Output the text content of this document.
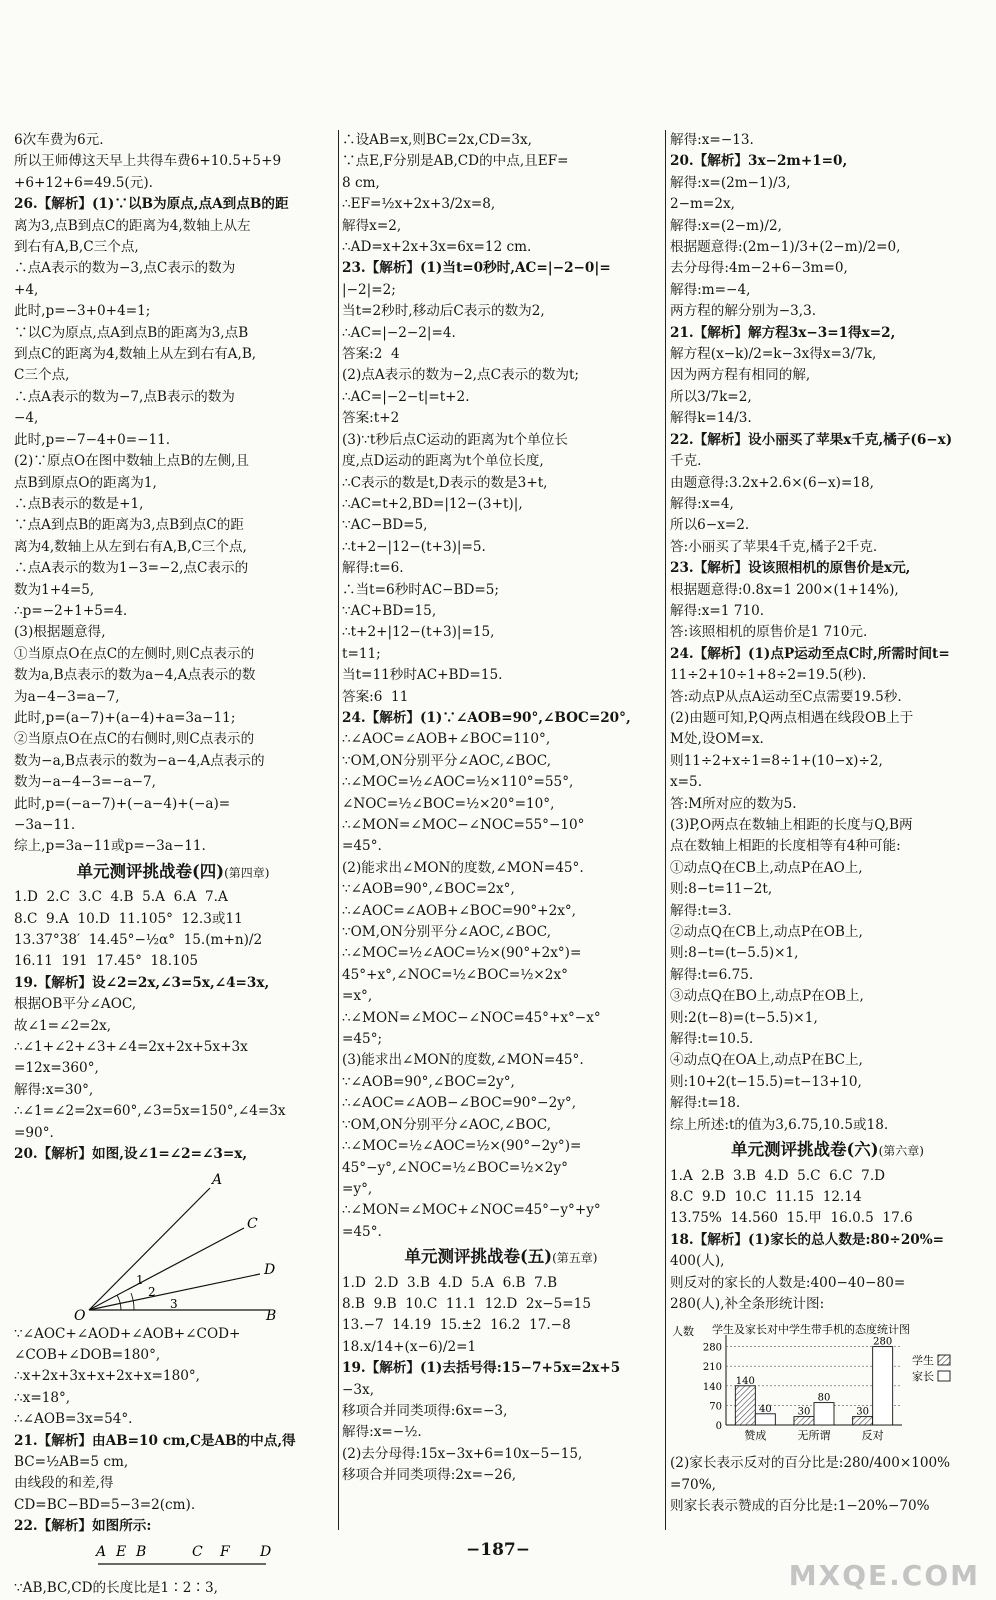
6次车费为6元.
所以王师傅这天早上共得车费6+10.5+5+9
+6+12+6=49.5(元).
26.【解析】(1)∵以B为原点,点A到点B的距
离为3,点B到点C的距离为4,数轴上从左
到右有A,B,C三个点,
∴点A表示的数为−3,点C表示的数为
+4,
此时,p=−3+0+4=1;
∵以C为原点,点A到点B的距离为3,点B
到点C的距离为4,数轴上从左到右有A,B,
C三个点,
∴点A表示的数为−7,点B表示的数为
−4,
此时,p=−7−4+0=−11.
(2)∵原点O在图中数轴上点B的左侧,且
点B到原点O的距离为1,
∴点B表示的数是+1,
∵点A到点B的距离为3,点B到点C的距
离为4,数轴上从左到右有A,B,C三个点,
∴点A表示的数为1−3=−2,点C表示的
数为1+4=5,
∴p=−2+1+5=4.
(3)根据题意得,
①当原点O在点C的左侧时,则C点表示的
数为a,B点表示的数为a−4,A点表示的数
为a−4−3=a−7,
此时,p=(a−7)+(a−4)+a=3a−11;
②当原点O在点C的右侧时,则C点表示的
数为−a,B点表示的数为−a−4,A点表示的
数为−a−4−3=−a−7,
此时,p=(−a−7)+(−a−4)+(−a)=
−3a−11.
综上,p=3a−11或p=−3a−11.
单元测评挑战卷(四)(第四章)
1.D  2.C  3.C  4.B  5.A  6.A  7.A
8.C  9.A  10.D  11.105°  12.3或11
13.37°38′  14.45°−½α°  15.(m+n)/2
16.11  191  17.45°  18.105
19.【解析】设∠2=2x,∠3=5x,∠4=3x,
根据OB平分∠AOC,
故∠1=∠2=2x,
∴∠1+∠2+∠3+∠4=2x+2x+5x+3x
=12x=360°,
解得:x=30°,
∴∠1=∠2=2x=60°,∠3=5x=150°,∠4=3x
=90°.
20.【解析】如图,设∠1=∠2=∠3=x,
A
C
D
B
O
1
2
3
∵∠AOC+∠AOD+∠AOB+∠COD+
∠COB+∠DOB=180°,
∴x+2x+3x+x+2x+x=180°,
∴x=18°,
∴∠AOB=3x=54°.
21.【解析】由AB=10 cm,C是AB的中点,得
BC=½AB=5 cm,
由线段的和差,得
CD=BC−BD=5−3=2(cm).
22.【解析】如图所示:
A E B	C F D
∵AB,BC,CD的长度比是1∶2∶3,
∴设AB=x,则BC=2x,CD=3x,
∵点E,F分别是AB,CD的中点,且EF=
8 cm,
∴EF=½x+2x+3/2x=8,
解得x=2,
∴AD=x+2x+3x=6x=12 cm.
23.【解析】(1)当t=0秒时,AC=|−2−0|=
|−2|=2;
当t=2秒时,移动后C表示的数为2,
∴AC=|−2−2|=4.
答案:2  4
(2)点A表示的数为−2,点C表示的数为t;
∴AC=|−2−t|=t+2.
答案:t+2
(3)∵t秒后点C运动的距离为t个单位长
度,点D运动的距离为t个单位长度,
∴C表示的数是t,D表示的数是3+t,
∴AC=t+2,BD=|12−(3+t)|,
∵AC−BD=5,
∴t+2−|12−(t+3)|=5.
解得:t=6.
∴当t=6秒时AC−BD=5;
∵AC+BD=15,
∴t+2+|12−(t+3)|=15,
t=11;
当t=11秒时AC+BD=15.
答案:6  11
24.【解析】(1)∵∠AOB=90°,∠BOC=20°,
∴∠AOC=∠AOB+∠BOC=110°,
∵OM,ON分别平分∠AOC,∠BOC,
∴∠MOC=½∠AOC=½×110°=55°,
∠NOC=½∠BOC=½×20°=10°,
∴∠MON=∠MOC−∠NOC=55°−10°
=45°.
(2)能求出∠MON的度数,∠MON=45°.
∵∠AOB=90°,∠BOC=2x°,
∴∠AOC=∠AOB+∠BOC=90°+2x°,
∵OM,ON分别平分∠AOC,∠BOC,
∴∠MOC=½∠AOC=½×(90°+2x°)=
45°+x°,∠NOC=½∠BOC=½×2x°
=x°,
∴∠MON=∠MOC−∠NOC=45°+x°−x°
=45°;
(3)能求出∠MON的度数,∠MON=45°.
∵∠AOB=90°,∠BOC=2y°,
∴∠AOC=∠AOB−∠BOC=90°−2y°,
∵OM,ON分别平分∠AOC,∠BOC,
∴∠MOC=½∠AOC=½×(90°−2y°)=
45°−y°,∠NOC=½∠BOC=½×2y°
=y°,
∴∠MON=∠MOC+∠NOC=45°−y°+y°
=45°.
单元测评挑战卷(五)(第五章)
1.D  2.D  3.B  4.D  5.A  6.B  7.B
8.B  9.B  10.C  11.1  12.D  2x−5=15
13.−7  14.19  15.±2  16.2  17.−8
18.x/14+(x−6)/2=1
19.【解析】(1)去括号得:15−7+5x=2x+5
−3x,
移项合并同类项得:6x=−3,
解得:x=−½.
(2)去分母得:15x−3x+6=10x−5−15,
移项合并同类项得:2x=−26,
解得:x=−13.
20.【解析】3x−2m+1=0,
解得:x=(2m−1)/3,
2−m=2x,
解得:x=(2−m)/2,
根据题意得:(2m−1)/3+(2−m)/2=0,
去分母得:4m−2+6−3m=0,
解得:m=−4,
两方程的解分别为−3,3.
21.【解析】解方程3x−3=1得x=2,
解方程(x−k)/2=k−3x得x=3/7k,
因为两方程有相同的解,
所以3/7k=2,
解得k=14/3.
22.【解析】设小丽买了苹果x千克,橘子(6−x)
千克.
由题意得:3.2x+2.6×(6−x)=18,
解得:x=4,
所以6−x=2.
答:小丽买了苹果4千克,橘子2千克.
23.【解析】设该照相机的原售价是x元,
根据题意得:0.8x=1 200×(1+14%),
解得:x=1 710.
答:该照相机的原售价是1 710元.
24.【解析】(1)点P运动至点C时,所需时间t=
11÷2+10÷1+8÷2=19.5(秒).
答:动点P从点A运动至C点需要19.5秒.
(2)由题可知,P,Q两点相遇在线段OB上于
M处,设OM=x.
则11÷2+x÷1=8÷1+(10−x)÷2,
x=5.
答:M所对应的数为5.
(3)P,O两点在数轴上相距的长度与Q,B两
点在数轴上相距的长度相等有4种可能:
①动点Q在CB上,动点P在AO上,
则:8−t=11−2t,
解得:t=3.
②动点Q在CB上,动点P在OB上,
则:8−t=(t−5.5)×1,
解得:t=6.75.
③动点Q在BO上,动点P在OB上,
则:2(t−8)=(t−5.5)×1,
解得:t=10.5.
④动点Q在OA上,动点P在BC上,
则:10+2(t−15.5)=t−13+10,
解得:t=18.
综上所述:t的值为3,6.75,10.5或18.
单元测评挑战卷(六)(第六章)
1.A  2.B  3.B  4.D  5.C  6.C  7.D
8.C  9.D  10.C  11.15  12.14
13.75%  14.560  15.甲  16.0.5  17.6
18.【解析】(1)家长的总人数是:80÷20%=
400(人),
则反对的家长的人数是:400−40−80=
280(人),补全条形统计图:
学生及家长对中学生带手机的态度统计图
人数
280
210
140
70
0
赞成
140
40
无所谓
30
80
反对
30
280
学生
家长
(2)家长表示反对的百分比是:280/400×100%
=70%,
则家长表示赞成的百分比是:1−20%−70%
−187−
MXQE.COM
